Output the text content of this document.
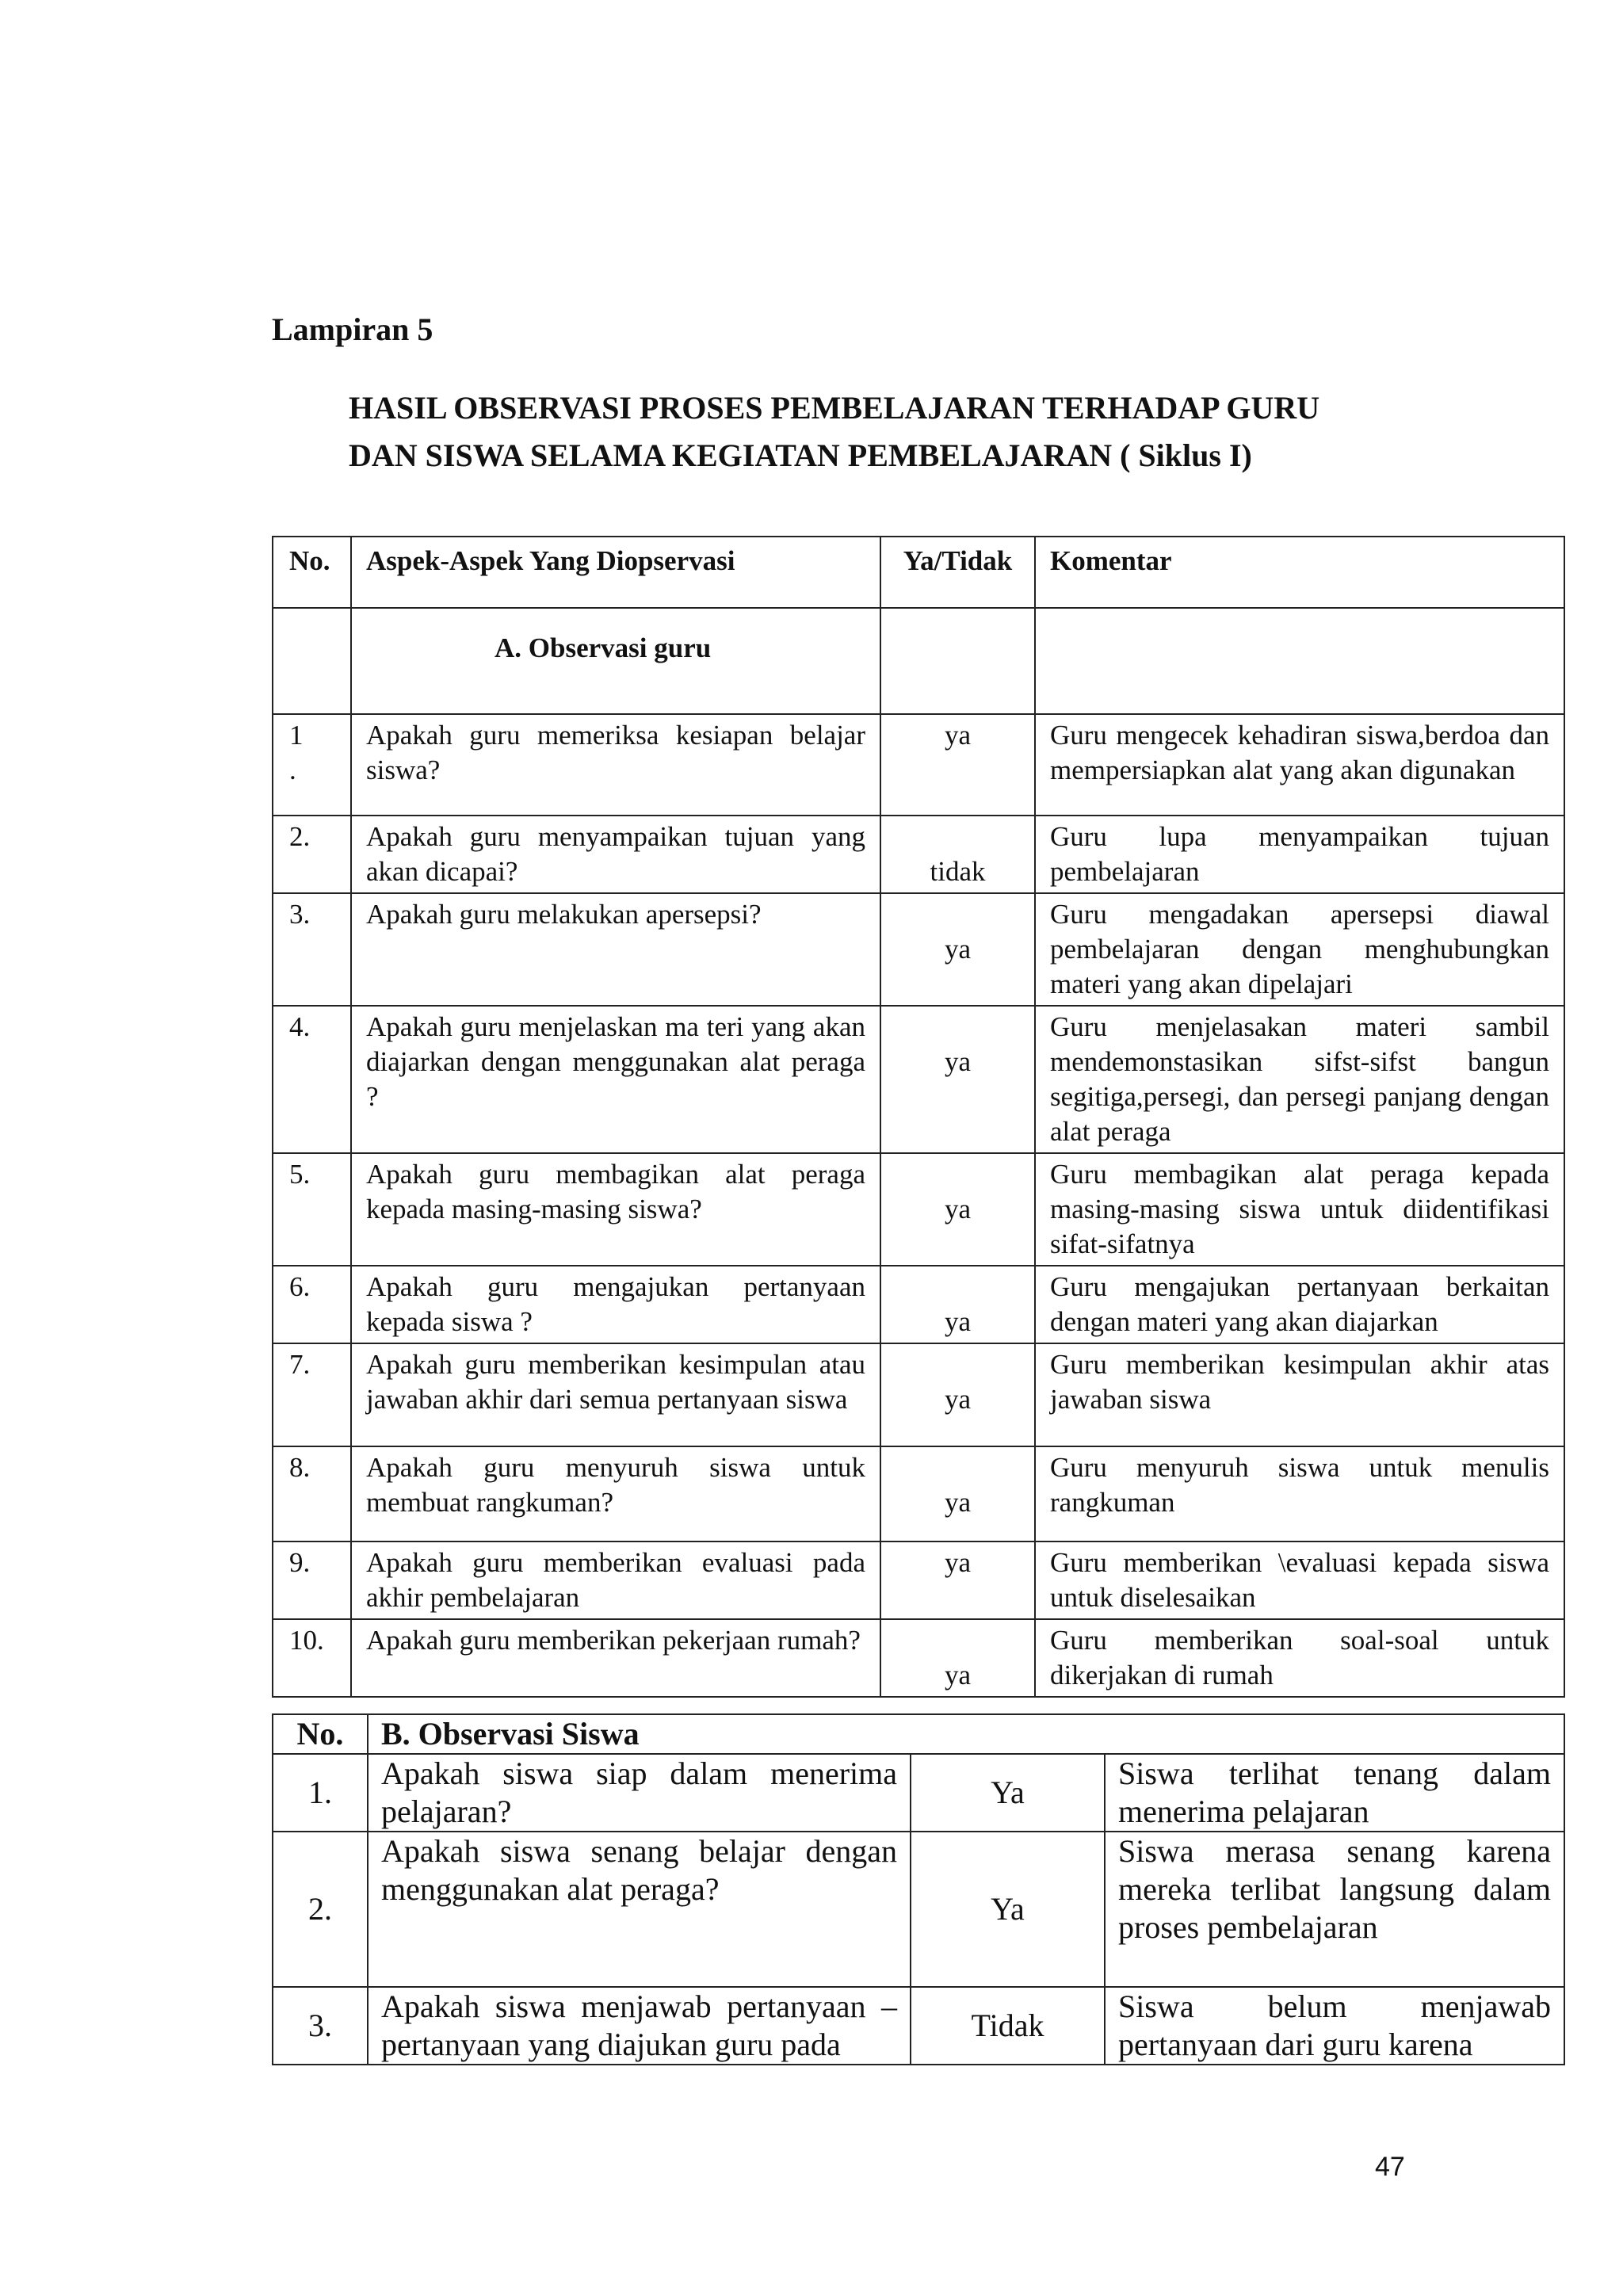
Lampiran 5
HASIL OBSERVASI PROSES PEMBELAJARAN TERHADAP GURU
DAN SISWA SELAMA KEGIATAN PEMBELAJARAN ( Siklus I)
No.	Aspek-Aspek Yang Diopservasi	Ya/Tidak	Komentar
	A. Observasi guru		
1
.	Apakah guru memeriksa kesiapan belajar siswa?	ya	Guru mengecek kehadiran siswa,berdoa dan mempersiapkan alat yang akan digunakan
2.	Apakah guru menyampaikan tujuan yang akan dicapai?	tidak	Guru lupa menyampaikan tujuan pembelajaran
3.	Apakah guru melakukan apersepsi?	ya	Guru mengadakan apersepsi diawal pembelajaran dengan menghubungkan materi yang akan dipelajari
4.	Apakah guru menjelaskan ma teri yang akan diajarkan dengan menggunakan alat peraga ?	ya	Guru menjelasakan materi sambil mendemonstasikan sifst-sifst bangun segitiga,persegi, dan persegi panjang dengan alat peraga
5.	Apakah guru membagikan alat peraga kepada masing-masing siswa?	ya	Guru membagikan alat peraga kepada masing-masing siswa untuk diidentifikasi sifat-sifatnya
6.	Apakah guru mengajukan pertanyaan kepada siswa ?	ya	Guru mengajukan pertanyaan berkaitan dengan materi yang akan diajarkan
7.	Apakah guru memberikan kesimpulan atau jawaban akhir dari semua pertanyaan siswa	ya	Guru memberikan kesimpulan akhir atas jawaban siswa
8.	Apakah guru menyuruh siswa untuk membuat rangkuman?	ya	Guru menyuruh siswa untuk menulis rangkuman
9.	Apakah guru memberikan evaluasi pada akhir pembelajaran	ya	Guru memberikan \evaluasi kepada siswa untuk diselesaikan
10.	Apakah guru memberikan pekerjaan rumah?	ya	Guru memberikan soal-soal untuk dikerjakan di rumah
No.	B. Observasi Siswa		
1.	Apakah siswa siap dalam menerima pelajaran?	Ya	Siswa terlihat tenang dalam menerima pelajaran
2.	Apakah siswa senang belajar dengan menggunakan alat peraga?	Ya	Siswa merasa senang karena mereka terlibat langsung dalam proses pembelajaran
3.	Apakah siswa menjawab pertanyaan – pertanyaan yang diajukan guru pada	Tidak	Siswa belum menjawab pertanyaan dari guru karena
47
